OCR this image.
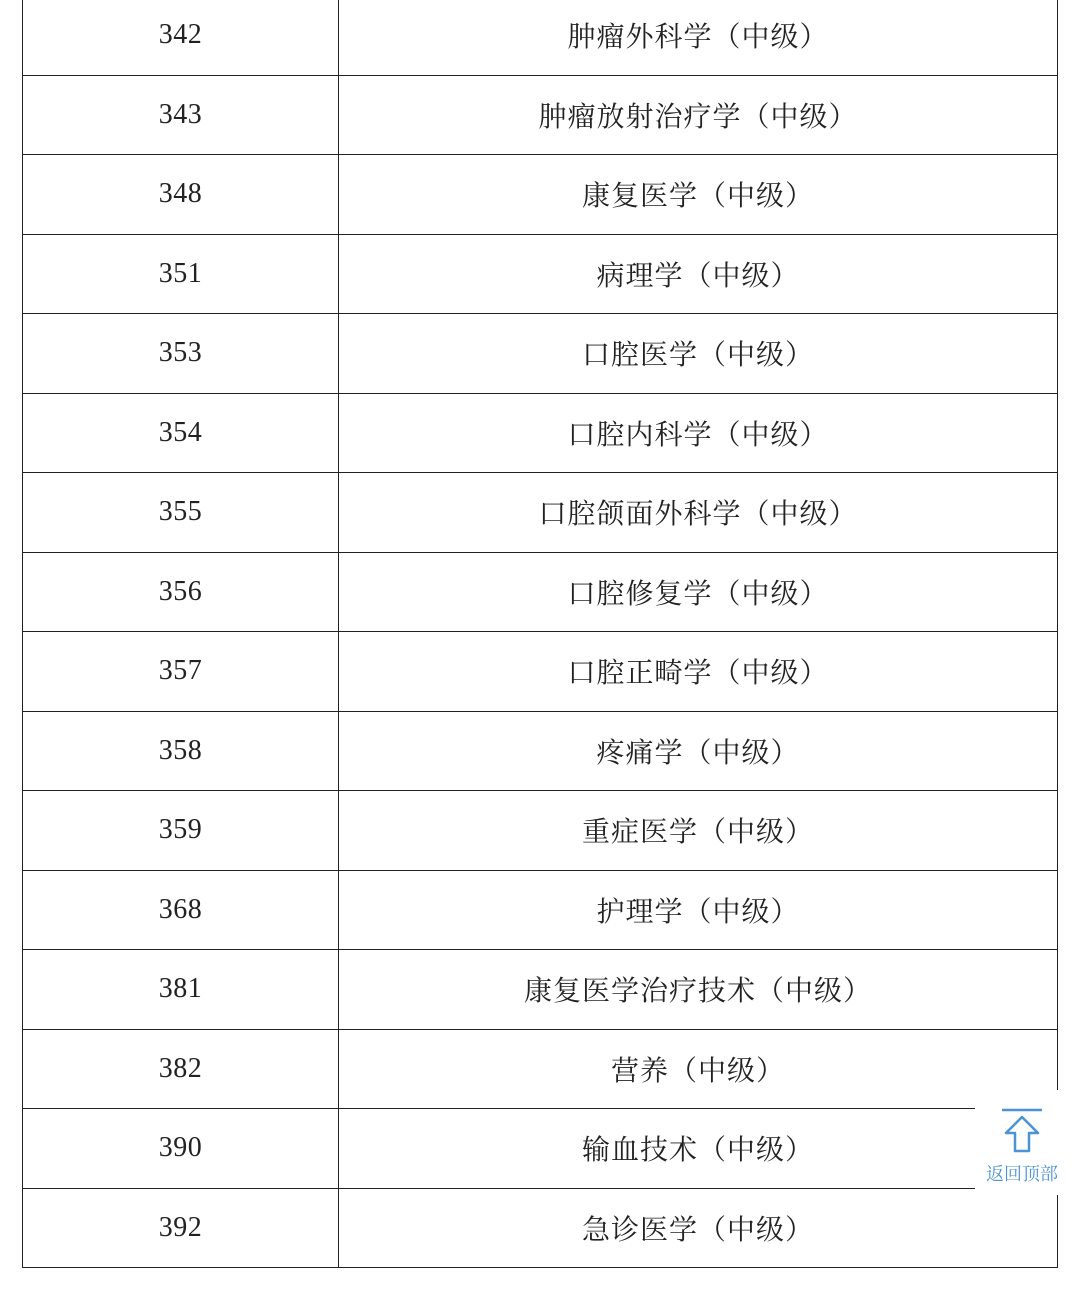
342	肿瘤外科学（中级）
343	肿瘤放射治疗学（中级）
348	康复医学（中级）
351	病理学（中级）
353	口腔医学（中级）
354	口腔内科学（中级）
355	口腔颌面外科学（中级）
356	口腔修复学（中级）
357	口腔正畸学（中级）
358	疼痛学（中级）
359	重症医学（中级）
368	护理学（中级）
381	康复医学治疗技术（中级）
382	营养（中级）
390	输血技术（中级）
392	急诊医学（中级）
返回顶部
